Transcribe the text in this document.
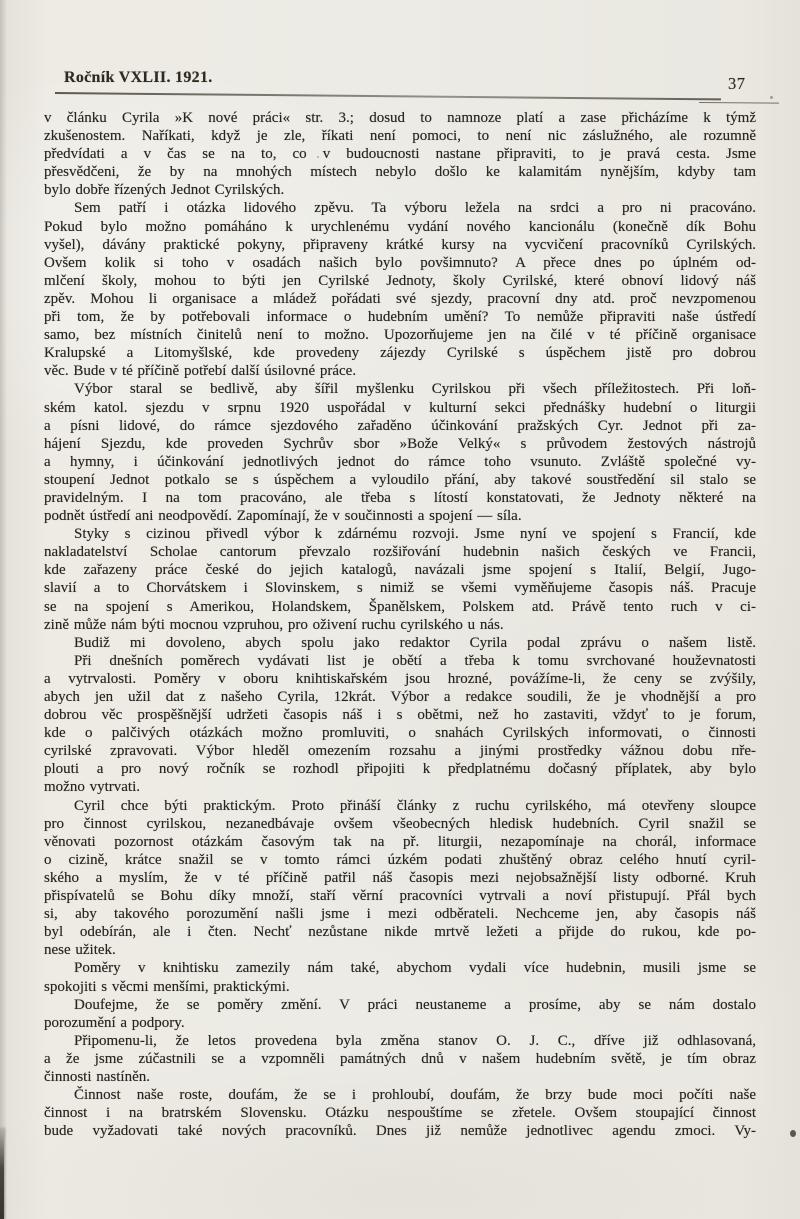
Ročník VXLII. 1921.	37
v článku Cyrila »K nové práci« str. 3.; dosud to namnoze platí a zase přicházíme k týmž
zkušenostem. Naříkati, když je zle, říkati není pomoci, to není nic záslužného, ale rozumně
předvídati a v čas se na to, co v budoucnosti nastane připraviti, to je pravá cesta. Jsme
přesvědčeni, že by na mnohých místech nebylo došlo ke kalamitám nynějším, kdyby tam
bylo dobře řízených Jednot Cyrilských.
Sem patří i otázka lidového zpěvu. Ta výboru ležela na srdci a pro ni pracováno.
Pokud bylo možno pomáháno k urychlenému vydání nového kancionálu (konečně dík Bohu
vyšel), dávány praktické pokyny, připraveny krátké kursy na vycvičení pracovníků Cyrilských.
Ovšem kolik si toho v osadách našich bylo povšimnuto? A přece dnes po úplném od-
mlčení školy, mohou to býti jen Cyrilské Jednoty, školy Cyrilské, které obnoví lidový náš
zpěv. Mohou li organisace a mládež pořádati své sjezdy, pracovní dny atd. proč nevzpomenou
při tom, že by potřebovali informace o hudebním umění? To nemůže připraviti naše ústředí
samo, bez místních činitelů není to možno. Upozorňujeme jen na čilé v té příčině organisace
Kralupské a Litomyšlské, kde provedeny zájezdy Cyrilské s úspěchem jistě pro dobrou
věc. Bude v té příčině potřebí další úsilovné práce.
Výbor staral se bedlivě, aby šířil myšlenku Cyrilskou při všech příležitostech. Při loň-
ském katol. sjezdu v srpnu 1920 uspořádal v kulturní sekci přednášky hudební o liturgii
a písni lidové, do rámce sjezdového zařaděno účinkování pražských Cyr. Jednot při za-
hájení Sjezdu, kde proveden Sychrův sbor »Bože Velký« s průvodem žestových nástrojů
a hymny, i účinkování jednotlivých jednot do rámce toho vsunuto. Zvláště společné vy-
stoupení Jednot potkalo se s úspěchem a vyloudilo přání, aby takové soustředění sil stalo se
pravidelným. I na tom pracováno, ale třeba s lítostí konstatovati, že Jednoty některé na
podnět ústředí ani neodpovědí. Zapomínají, že v součinnosti a spojení — síla.
Styky s cizinou přivedl výbor k zdárnému rozvoji. Jsme nyní ve spojení s Francií, kde
nakladatelství Scholae cantorum převzalo rozšiřování hudebnin našich českých ve Francii,
kde zařazeny práce české do jejich katalogů, navázali jsme spojení s Italií, Belgií, Jugo-
slavií a to Chorvátskem i Slovinskem, s nimiž se všemi vyměňujeme časopis náš. Pracuje
se na spojení s Amerikou, Holandskem, Španělskem, Polskem atd. Právě tento ruch v ci-
zině může nám býti mocnou vzpruhou, pro oživení ruchu cyrilského u nás.
Budiž mi dovoleno, abych spolu jako redaktor Cyrila podal zprávu o našem listě.
Při dnešních poměrech vydávati list je obětí a třeba k tomu svrchované houževnatosti
a vytrvalosti. Poměry v oboru knihtiskařském jsou hrozné, povážíme-li, že ceny se zvýšily,
abych jen užil dat z našeho Cyrila, 12krát. Výbor a redakce soudili, že je vhodnější a pro
dobrou věc prospěšnější udržeti časopis náš i s obětmi, než ho zastaviti, vždyť to je forum,
kde o palčivých otázkách možno promluviti, o snahách Cyrilských informovati, o činnosti
cyrilské zpravovati. Výbor hleděl omezením rozsahu a jinými prostředky vážnou dobu пře-
plouti a pro nový ročník se rozhodl připojiti k předplatnému dočasný příplatek, aby bylo
možno vytrvati.
Cyril chce býti praktickým. Proto přináší články z ruchu cyrilského, má otevřeny sloupce
pro činnost cyrilskou, nezanedbávaje ovšem všeobecných hledisk hudebních. Cyril snažil se
věnovati pozornost otázkám časovým tak na př. liturgii, nezapomínaje na chorál, informace
o cizině, krátce snažil se v tomto rámci úzkém podati zhuštěný obraz celého hnutí cyril-
ského a myslím, že v té příčině patřil náš časopis mezi nejobsažnější listy odborné. Kruh
přispívatelů se Bohu díky množí, staří věrní pracovníci vytrvali a noví přistupují. Přál bych
si, aby takového porozumění našli jsme i mezi odběrateli. Nechceme jen, aby časopis náš
byl odebírán, ale i čten. Nechť nezůstane nikde mrtvě ležeti a přijde do rukou, kde po-
nese užitek.
Poměry v knihtisku zamezily nám také, abychom vydali více hudebnin, musili jsme se
spokojiti s věcmi menšími, praktickými.
Doufejme, že se poměry změní. V práci neustaneme a prosíme, aby se nám dostalo
porozumění a podpory.
Připomenu-li, že letos provedena byla změna stanov O. J. C., dříve již odhlasovaná,
a že jsme zúčastnili se a vzpomněli památných dnů v našem hudebním světě, je tím obraz
činnosti nastíněn.
Činnost naše roste, doufám, že se i prohloubí, doufám, že brzy bude moci počíti naše
činnost i na bratrském Slovensku. Otázku nespouštíme se zřetele. Ovšem stoupající činnost
bude vyžadovati také nových pracovníků. Dnes již nemůže jednotlivec agendu zmoci. Vy-
